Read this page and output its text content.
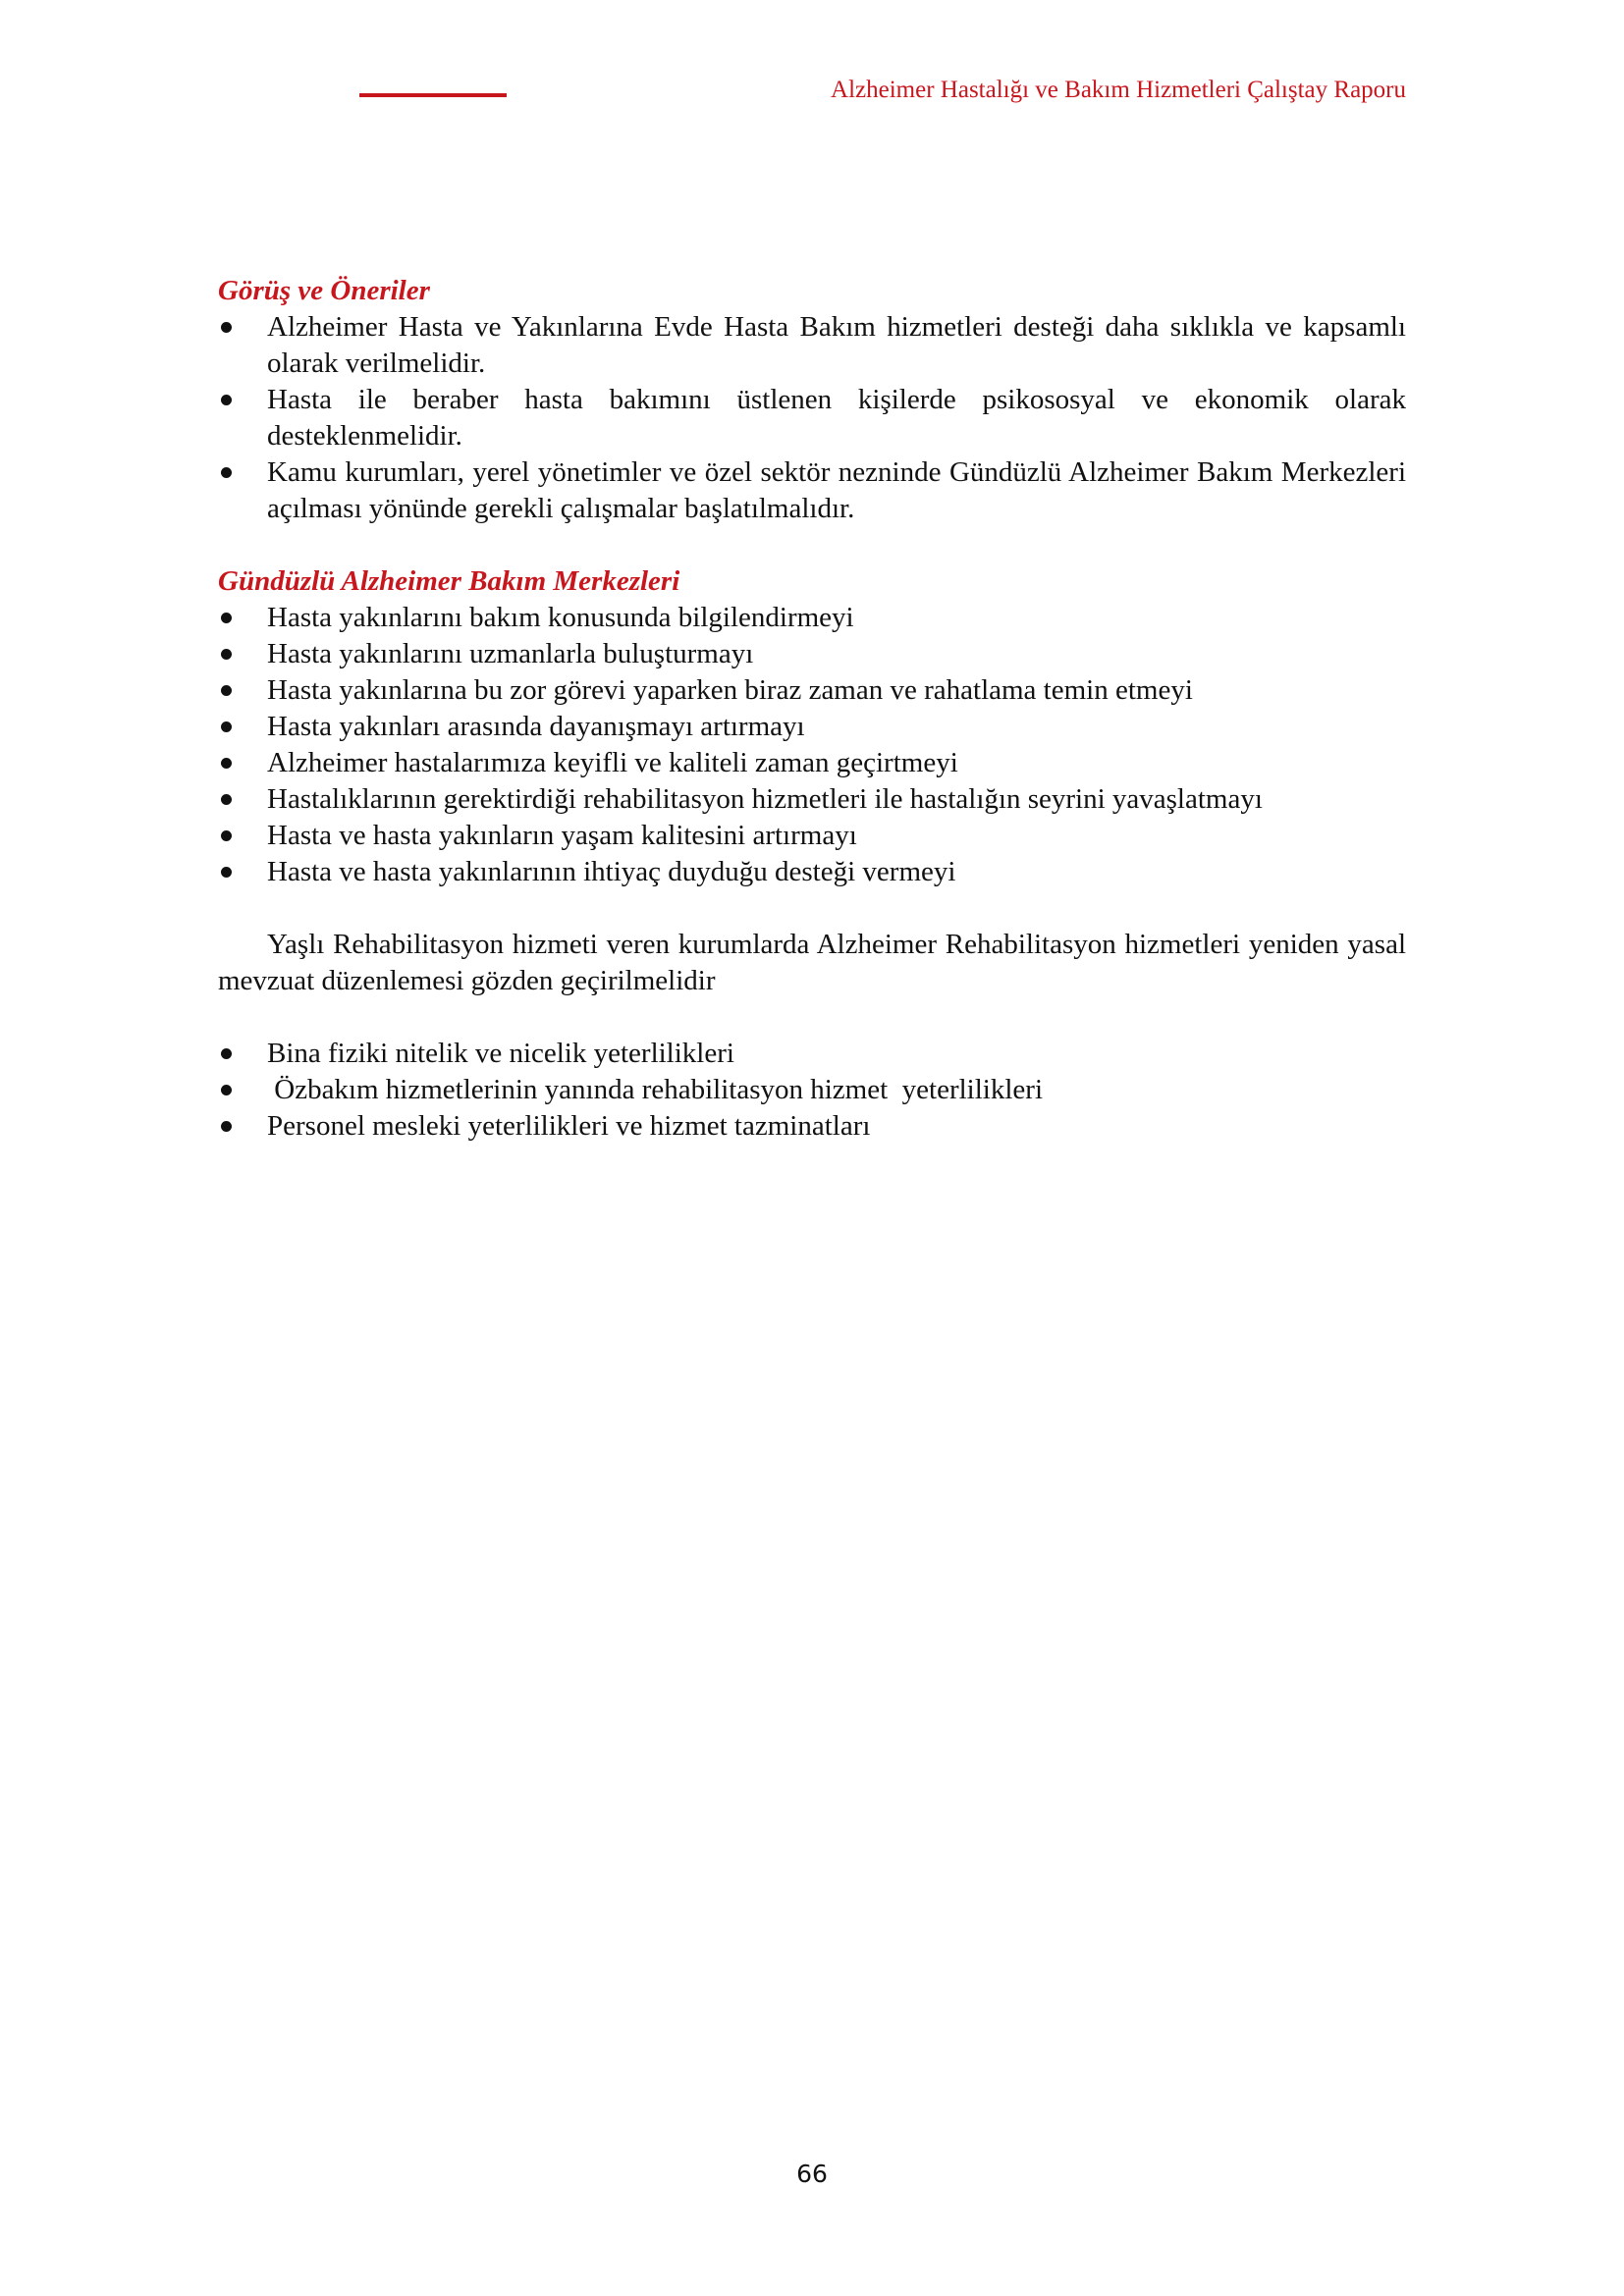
Alzheimer Hastalığı ve Bakım Hizmetleri Çalıştay Raporu

Görüş ve Öneriler

Alzheimer Hasta ve Yakınlarına Evde Hasta Bakım hizmetleri desteği daha sıklıkla ve kapsamlı olarak verilmelidir.
Hasta ile beraber hasta bakımını üstlenen kişilerde psikososyal ve ekonomik olarak desteklenmelidir.
Kamu kurumları, yerel yönetimler ve özel sektör nezninde Gündüzlü Alzheimer Bakım Merkezleri açılması yönünde gerekli çalışmalar başlatılmalıdır.

Gündüzlü Alzheimer Bakım Merkezleri

Hasta yakınlarını bakım konusunda bilgilendirmeyi
Hasta yakınlarını uzmanlarla buluşturmayı
Hasta yakınlarına bu zor görevi yaparken biraz zaman ve rahatlama temin etmeyi
Hasta yakınları arasında dayanışmayı artırmayı
Alzheimer hastalarımıza keyifli ve kaliteli zaman geçirtmeyi
Hastalıklarının gerektirdiği rehabilitasyon hizmetleri ile hastalığın seyrini yavaşlatmayı
Hasta ve hasta yakınların yaşam kalitesini artırmayı
Hasta ve hasta yakınlarının ihtiyaç duyduğu desteği vermeyi

Yaşlı Rehabilitasyon hizmeti veren kurumlarda Alzheimer Rehabilitasyon hizmetleri yeniden yasal mevzuat düzenlemesi gözden geçirilmelidir

Bina fiziki nitelik ve nicelik yeterlilikleri
Özbakım hizmetlerinin yanında rehabilitasyon hizmet  yeterlilikleri
Personel mesleki yeterlilikleri ve hizmet tazminatları
66
